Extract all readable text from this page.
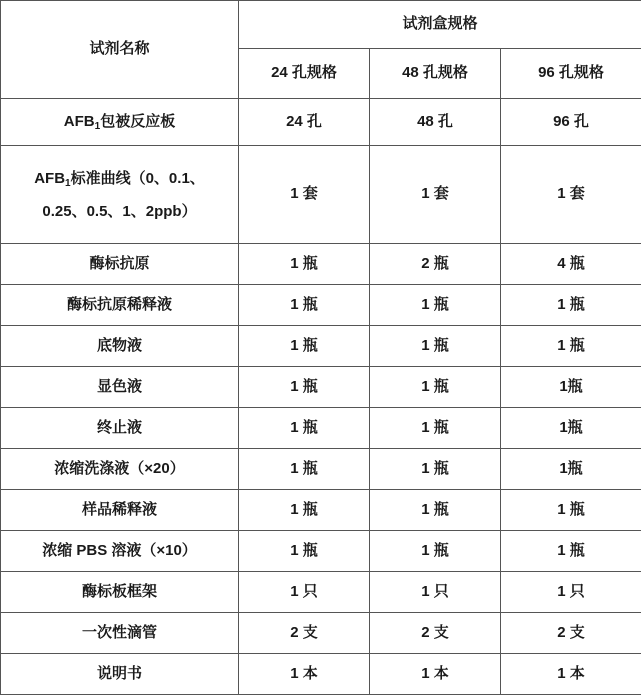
试剂名称	试剂盒规格		
	24 孔规格	48 孔规格	96 孔规格
$AFB_1$包被反应板	24 孔	48 孔	96 孔
$AFB_1$标准曲线（0、0.1、
0.25、0.5、1、2ppb）	1 套	1 套	1 套
酶标抗原	1 瓶	2 瓶	4 瓶
酶标抗原稀释液	1 瓶	1 瓶	1 瓶
底物液	1 瓶	1 瓶	1 瓶
显色液	1 瓶	1 瓶	1瓶
终止液	1 瓶	1 瓶	1瓶
浓缩洗涤液（×20）	1 瓶	1 瓶	1瓶
样品稀释液	1 瓶	1 瓶	1 瓶
浓缩 PBS 溶液（×10）	1 瓶	1 瓶	1 瓶
酶标板框架	1 只	1 只	1 只
一次性滴管	2 支	2 支	2 支
说明书	1 本	1 本	1 本
